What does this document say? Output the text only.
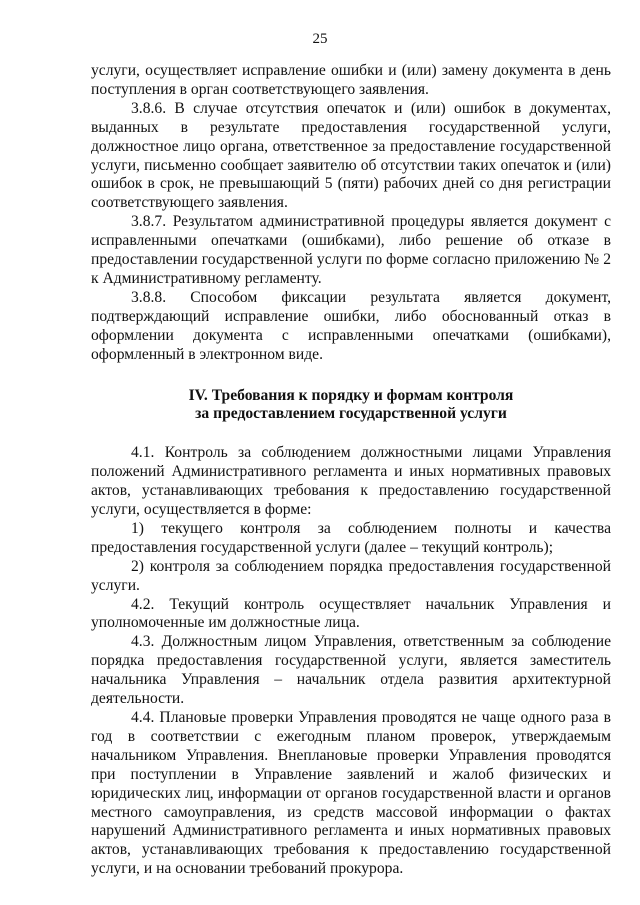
25

услуги, осуществляет исправление ошибки и (или) замену документа в день поступления в орган соответствующего заявления.

3.8.6. В случае отсутствия опечаток и (или) ошибок в документах, выданных в результате предоставления государственной услуги, должностное лицо органа, ответственное за предоставление государственной услуги, письменно сообщает заявителю об отсутствии таких опечаток и (или) ошибок в срок, не превышающий 5 (пяти) рабочих дней со дня регистрации соответствующего заявления.

3.8.7. Результатом административной процедуры является документ с исправленными опечатками (ошибками), либо решение об отказе в предоставлении государственной услуги по форме согласно приложению № 2 к Административному регламенту.

3.8.8. Способом фиксации результата является документ, подтверждающий исправление ошибки, либо обоснованный отказ в оформлении документа с исправленными опечатками (ошибками), оформленный в электронном виде.

IV. Требования к порядку и формам контроля
за предоставлением государственной услуги

4.1. Контроль за соблюдением должностными лицами Управления положений Административного регламента и иных нормативных правовых актов, устанавливающих требования к предоставлению государственной услуги, осуществляется в форме:

1) текущего контроля за соблюдением полноты и качества предоставления государственной услуги (далее – текущий контроль);

2) контроля за соблюдением порядка предоставления государственной услуги.

4.2. Текущий контроль осуществляет начальник Управления и уполномоченные им должностные лица.

4.3. Должностным лицом Управления, ответственным за соблюдение порядка предоставления государственной услуги, является заместитель начальника Управления – начальник отдела развития архитектурной деятельности.

4.4. Плановые проверки Управления проводятся не чаще одного раза в год в соответствии с ежегодным планом проверок, утверждаемым начальником Управления. Внеплановые проверки Управления проводятся при поступлении в Управление заявлений и жалоб физических и юридических лиц, информации от органов государственной власти и органов местного самоуправления, из средств массовой информации о фактах нарушений Административного регламента и иных нормативных правовых актов, устанавливающих требования к предоставлению государственной услуги, и на основании требований прокурора.
